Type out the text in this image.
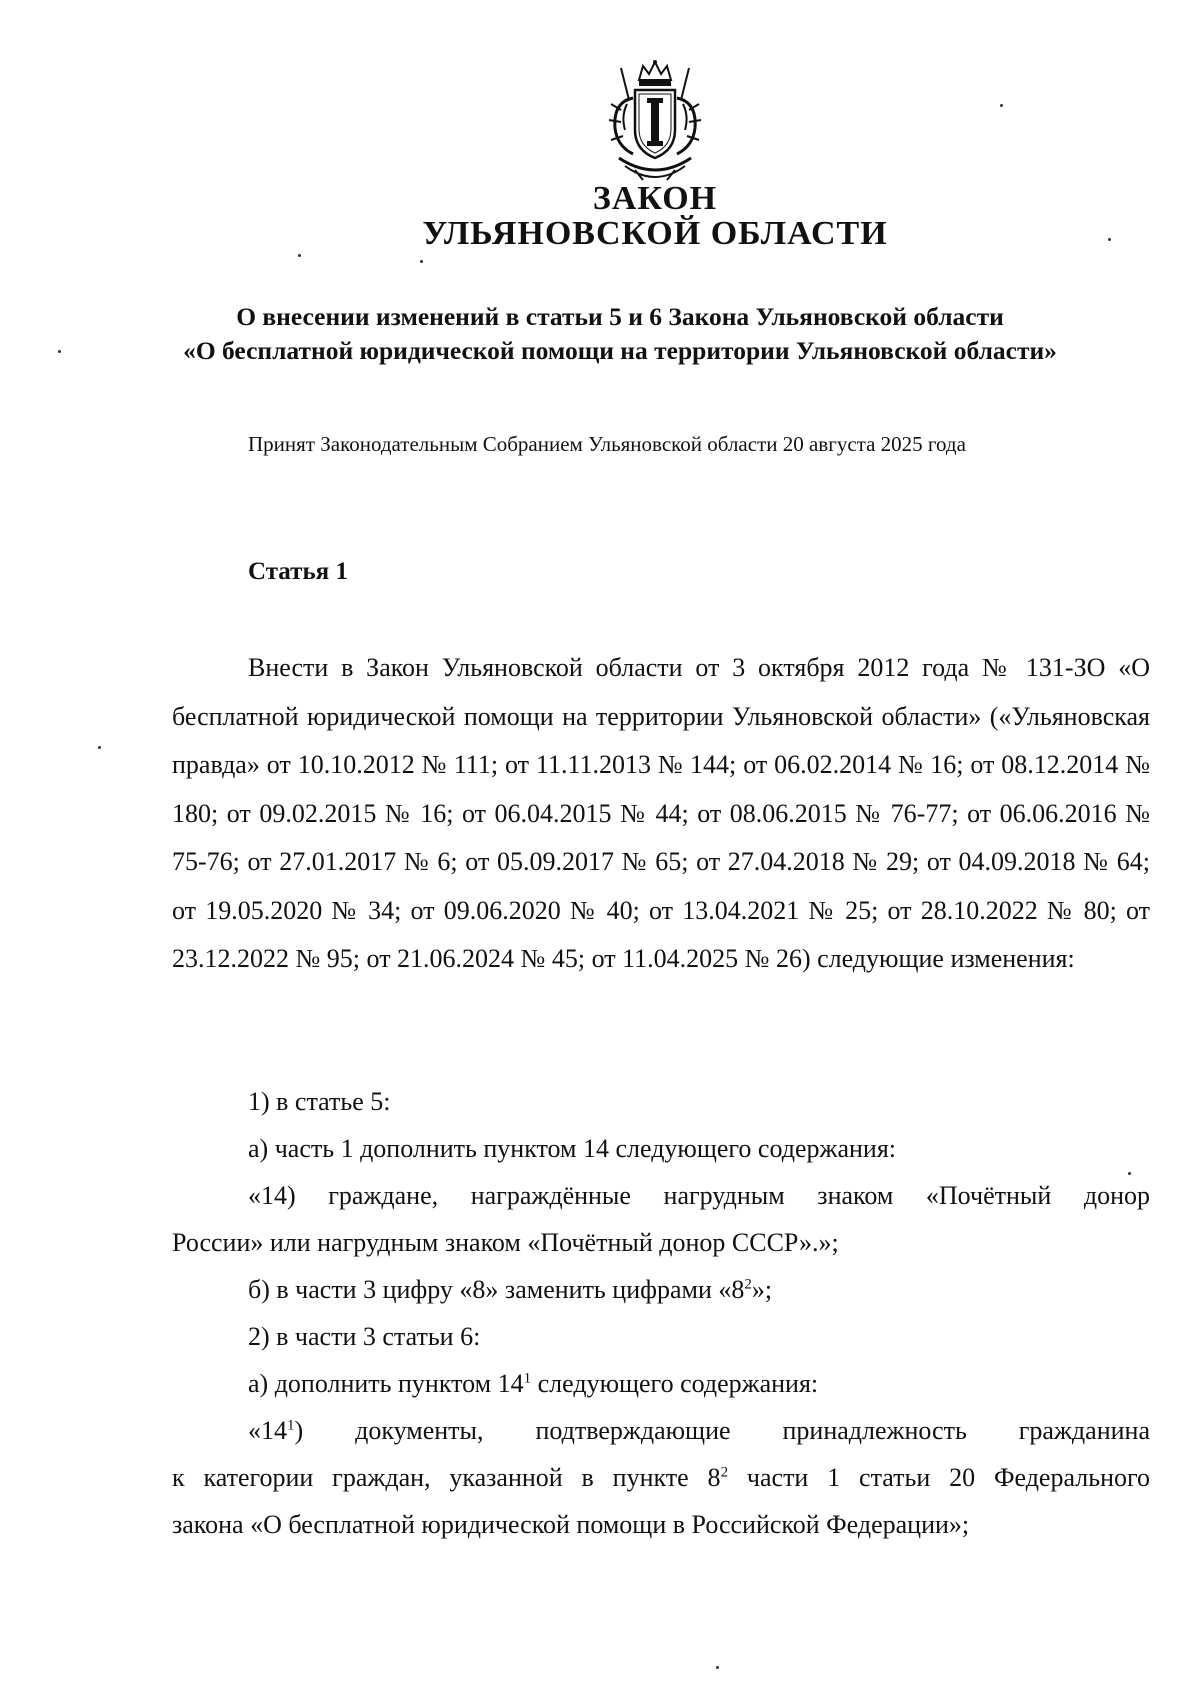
ЗАКОН
УЛЬЯНОВСКОЙ ОБЛАСТИ
О внесении изменений в статьи 5 и 6 Закона Ульяновской области
«О бесплатной юридической помощи на территории Ульяновской области»
Принят Законодательным Собранием Ульяновской области 20 августа 2025 года
Статья 1

Внести в Закон Ульяновской области от 3 октября 2012 года № 131-ЗО «О бесплатной юридической помощи на территории Ульяновской области» («Ульяновская правда» от 10.10.2012 № 111; от 11.11.2013 № 144; от 06.02.2014 № 16; от 08.12.2014 № 180; от 09.02.2015 № 16; от 06.04.2015 № 44; от 08.06.2015 № 76-77; от 06.06.2016 № 75-76; от 27.01.2017 № 6; от 05.09.2017 № 65; от 27.04.2018 № 29; от 04.09.2018 № 64; от 19.05.2020 № 34; от 09.06.2020 № 40; от 13.04.2021 № 25; от 28.10.2022 № 80; от 23.12.2022 № 95; от 21.06.2024 № 45; от 11.04.2025 № 26) следующие изменения:

1) в статье 5:
а) часть 1 дополнить пунктом 14 следующего содержания:
«14) граждане, награждённые нагрудным знаком «Почётный донор
России» или нагрудным знаком «Почётный донор СССР».»;
б) в части 3 цифру «8» заменить цифрами «$8^2$»;
2) в части 3 статьи 6:
а) дополнить пунктом $14^1$ следующего содержания:
«$14^1$) документы, подтверждающие принадлежность гражданина
к категории граждан, указанной в пункте $8^2$ части 1 статьи 20 Федерального
закона «О бесплатной юридической помощи в Российской Федерации»;
